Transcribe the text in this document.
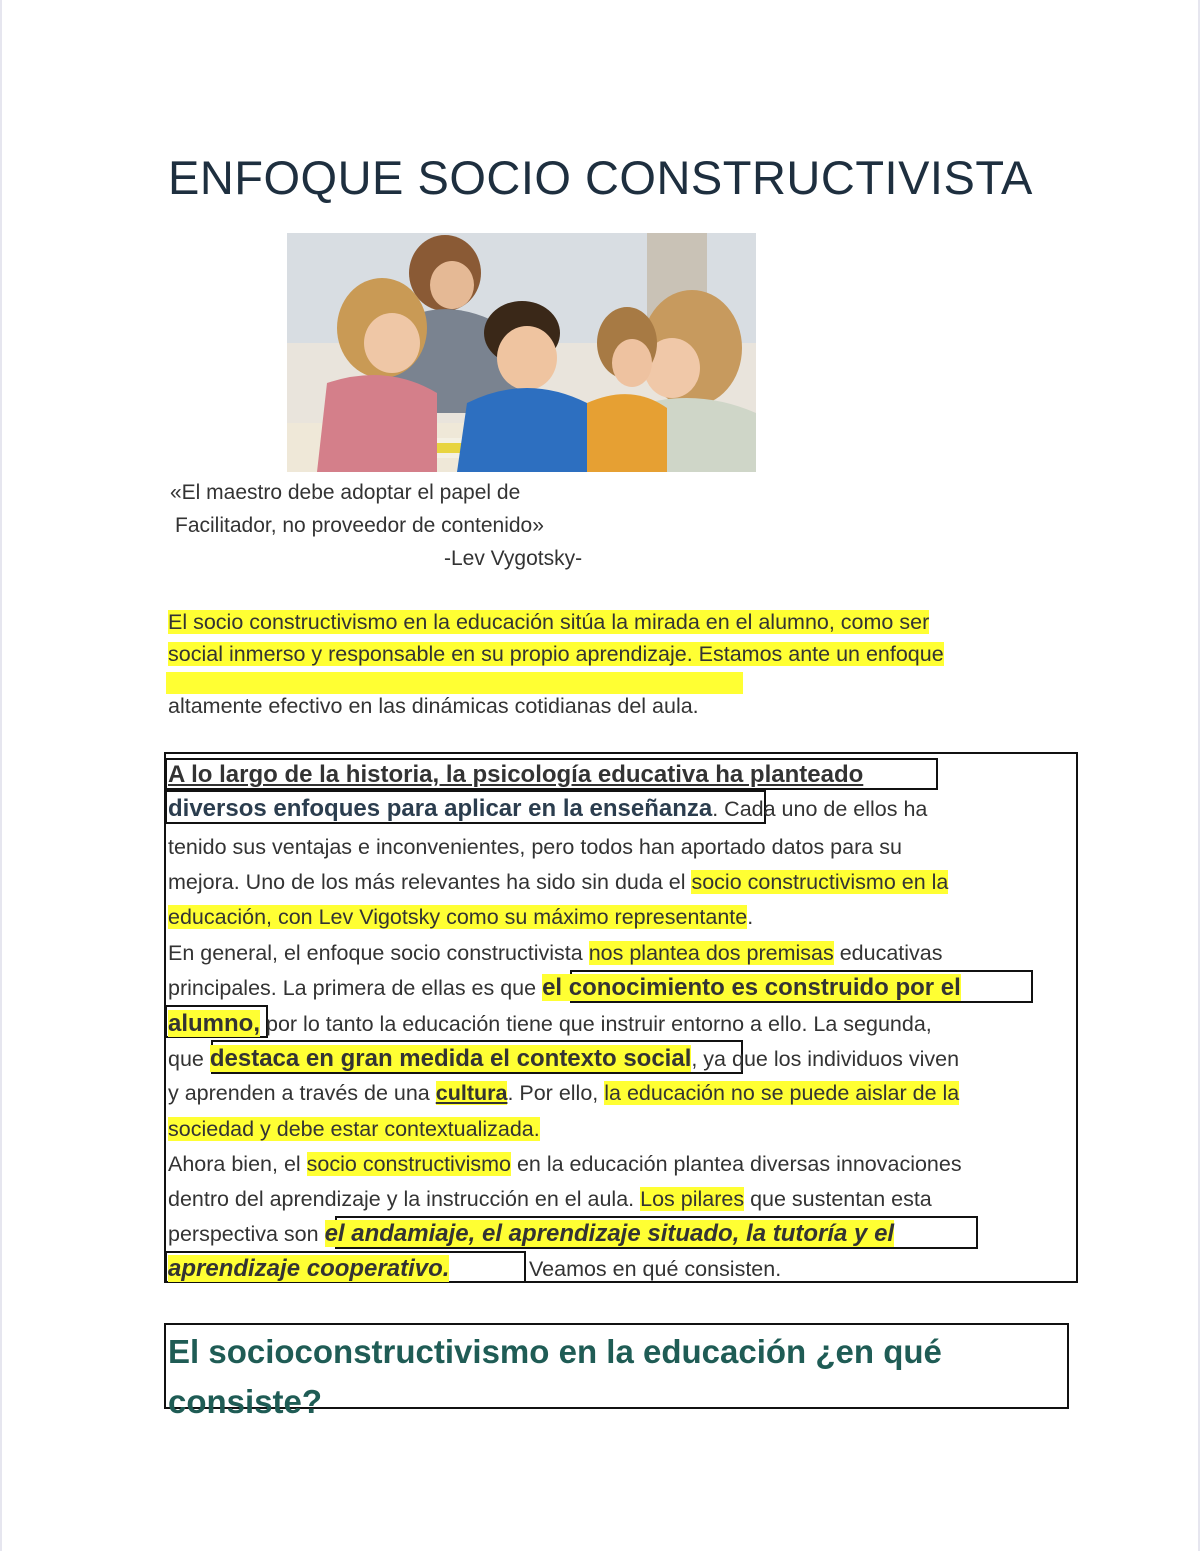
ENFOQUE SOCIO CONSTRUCTIVISTA
«El maestro debe adoptar el papel de
Facilitador, no proveedor de contenido»
-Lev Vygotsky-
El socio constructivismo en la educación sitúa la mirada en el alumno, como ser
social inmerso y responsable en su propio aprendizaje. Estamos ante un enfoque
altamente efectivo en las dinámicas cotidianas del aula.
A lo largo de la historia, la psicología educativa ha planteado
diversos enfoques para aplicar en la enseñanza. Cada uno de ellos ha
tenido sus ventajas e inconvenientes, pero todos han aportado datos para su
mejora. Uno de los más relevantes ha sido sin duda el socio constructivismo en la
educación, con Lev Vigotsky como su máximo representante.
En general, el enfoque socio constructivista nos plantea dos premisas educativas
principales. La primera de ellas es que el conocimiento es construido por el
alumno, por lo tanto la educación tiene que instruir entorno a ello. La segunda,
que destaca en gran medida el contexto social, ya que los individuos viven
y aprenden a través de una cultura. Por ello, la educación no se puede aislar de la
sociedad y debe estar contextualizada.
Ahora bien, el socio constructivismo en la educación plantea diversas innovaciones
dentro del aprendizaje y la instrucción en el aula. Los pilares que sustentan esta
perspectiva son el andamiaje, el aprendizaje situado, la tutoría y el
aprendizaje cooperativo.	Veamos en qué consisten.
El socioconstructivismo en la educación ¿en qué consiste?
